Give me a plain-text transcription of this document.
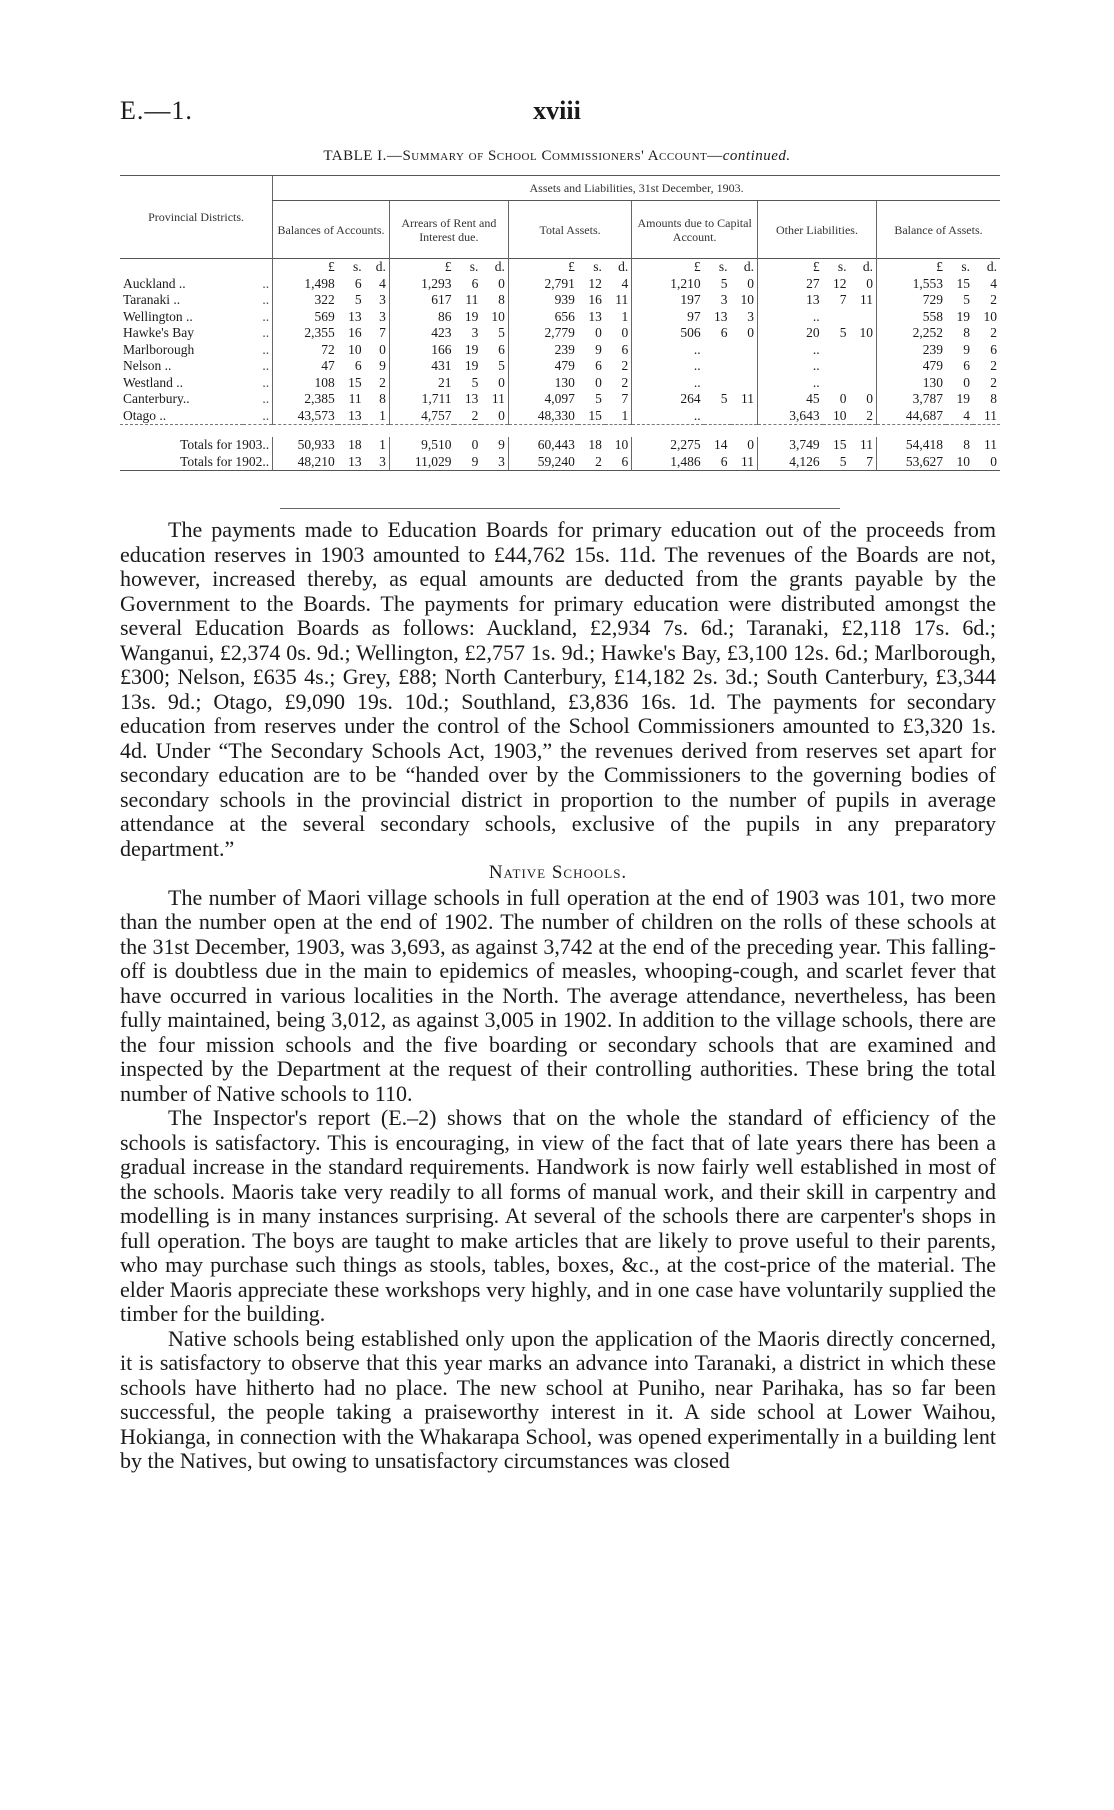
E.—1.	xviii
TABLE I.—Summary of School Commissioners' Account—continued.
Provincial Districts.		Assets and Liabilities, 31st December, 1903.																	
		Balances of Accounts.			Arrears of Rent and Interest due.			Total Assets.			Amounts due to Capital Account.			Other Liabilities.			Balance of Assets.		
		£	s.	d.	£	s.	d.	£	s.	d.	£	s.	d.	£	s.	d.	£	s.	d.
Auckland ..	..	1,498	6	4	1,293	6	0	2,791	12	4	1,210	5	0	27	12	0	1,553	15	4
Taranaki ..	..	322	5	3	617	11	8	939	16	11	197	3	10	13	7	11	729	5	2
Wellington ..	..	569	13	3	86	19	10	656	13	1	97	13	3	..			558	19	10
Hawke's Bay	..	2,355	16	7	423	3	5	2,779	0	0	506	6	0	20	5	10	2,252	8	2
Marlborough	..	72	10	0	166	19	6	239	9	6	..			..			239	9	6
Nelson ..	..	47	6	9	431	19	5	479	6	2	..			..			479	6	2
Westland ..	..	108	15	2	21	5	0	130	0	2	..			..			130	0	2
Canterbury..	..	2,385	11	8	1,711	13	11	4,097	5	7	264	5	11	45	0	0	3,787	19	8
Otago ..	..	43,573	13	1	4,757	2	0	48,330	15	1	..			3,643	10	2	44,687	4	11

Totals for 1903..		50,933	18	1	9,510	0	9	60,443	18	10	2,275	14	0	3,749	15	11	54,418	8	11
Totals for 1902..		48,210	13	3	11,029	9	3	59,240	2	6	1,486	6	11	4,126	5	7	53,627	10	0

The payments made to Education Boards for primary education out of the proceeds from education reserves in 1903 amounted to £44,762 15s. 11d. The revenues of the Boards are not, however, increased thereby, as equal amounts are deducted from the grants payable by the Government to the Boards. The payments for primary education were distributed amongst the several Education Boards as follows: Auckland, £2,934 7s. 6d.; Taranaki, £2,118 17s. 6d.; Wanganui, £2,374 0s. 9d.; Wellington, £2,757 1s. 9d.; Hawke's Bay, £3,100 12s. 6d.; Marlborough, £300; Nelson, £635 4s.; Grey, £88; North Canterbury, £14,182 2s. 3d.; South Canterbury, £3,344 13s. 9d.; Otago, £9,090 19s. 10d.; Southland, £3,836 16s. 1d. The payments for secondary education from reserves under the control of the School Commissioners amounted to £3,320 1s. 4d. Under “The Secondary Schools Act, 1903,” the revenues derived from reserves set apart for secondary education are to be “handed over by the Commissioners to the governing bodies of secondary schools in the provincial district in proportion to the number of pupils in average attendance at the several secondary schools, exclusive of the pupils in any preparatory department.”

Native Schools.

The number of Maori village schools in full operation at the end of 1903 was 101, two more than the number open at the end of 1902. The number of children on the rolls of these schools at the 31st December, 1903, was 3,693, as against 3,742 at the end of the preceding year. This falling-off is doubtless due in the main to epidemics of measles, whooping-cough, and scarlet fever that have occurred in various localities in the North. The average attendance, nevertheless, has been fully maintained, being 3,012, as against 3,005 in 1902. In addition to the village schools, there are the four mission schools and the five boarding or secondary schools that are examined and inspected by the Department at the request of their controlling authorities. These bring the total number of Native schools to 110.

The Inspector's report (E.–2) shows that on the whole the standard of efficiency of the schools is satisfactory. This is encouraging, in view of the fact that of late years there has been a gradual increase in the standard requirements. Handwork is now fairly well established in most of the schools. Maoris take very readily to all forms of manual work, and their skill in carpentry and modelling is in many instances surprising. At several of the schools there are carpenter's shops in full operation. The boys are taught to make articles that are likely to prove useful to their parents, who may purchase such things as stools, tables, boxes, &c., at the cost-price of the material. The elder Maoris appreciate these workshops very highly, and in one case have voluntarily supplied the timber for the building.

Native schools being established only upon the application of the Maoris directly concerned, it is satisfactory to observe that this year marks an advance into Taranaki, a district in which these schools have hitherto had no place. The new school at Puniho, near Parihaka, has so far been successful, the people taking a praiseworthy interest in it. A side school at Lower Waihou, Hokianga, in connection with the Whakarapa School, was opened experimentally in a building lent by the Natives, but owing to unsatisfactory circumstances was closed
